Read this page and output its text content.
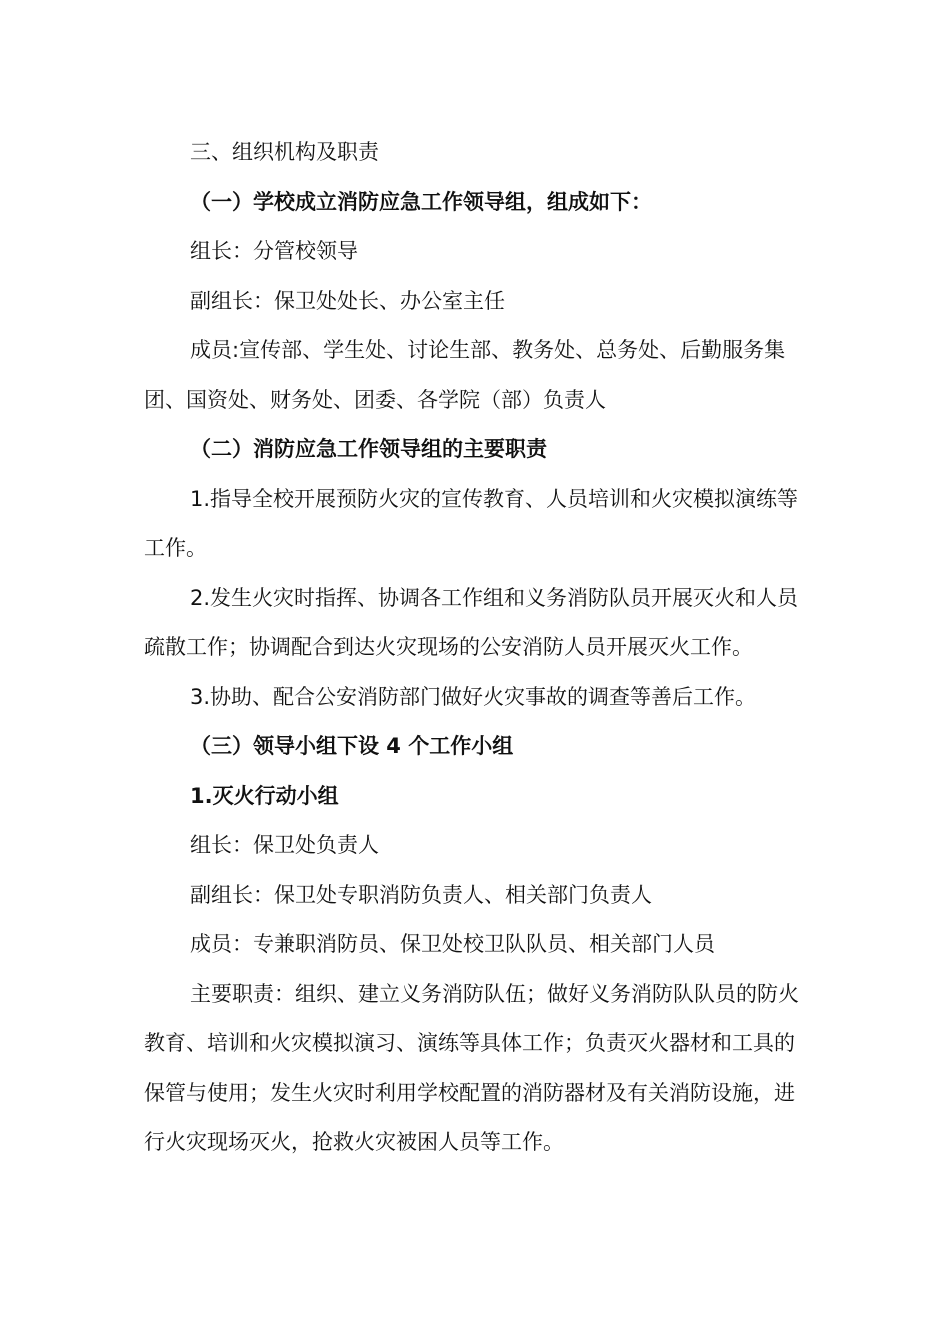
三、组织机构及职责

（一）学校成立消防应急工作领导组，组成如下：

组长：分管校领导

副组长：保卫处处长、办公室主任

成员:宣传部、学生处、讨论生部、教务处、总务处、后勤服务集团、国资处、财务处、团委、各学院（部）负责人

（二）消防应急工作领导组的主要职责

1.指导全校开展预防火灾的宣传教育、人员培训和火灾模拟演练等工作。

2.发生火灾时指挥、协调各工作组和义务消防队员开展灭火和人员疏散工作；协调配合到达火灾现场的公安消防人员开展灭火工作。

3.协助、配合公安消防部门做好火灾事故的调查等善后工作。

（三）领导小组下设 4 个工作小组

1.灭火行动小组

组长：保卫处负责人

副组长：保卫处专职消防负责人、相关部门负责人

成员：专兼职消防员、保卫处校卫队队员、相关部门人员

主要职责：组织、建立义务消防队伍；做好义务消防队队员的防火教育、培训和火灾模拟演习、演练等具体工作；负责灭火器材和工具的保管与使用；发生火灾时利用学校配置的消防器材及有关消防设施，进行火灾现场灭火，抢救火灾被困人员等工作。
